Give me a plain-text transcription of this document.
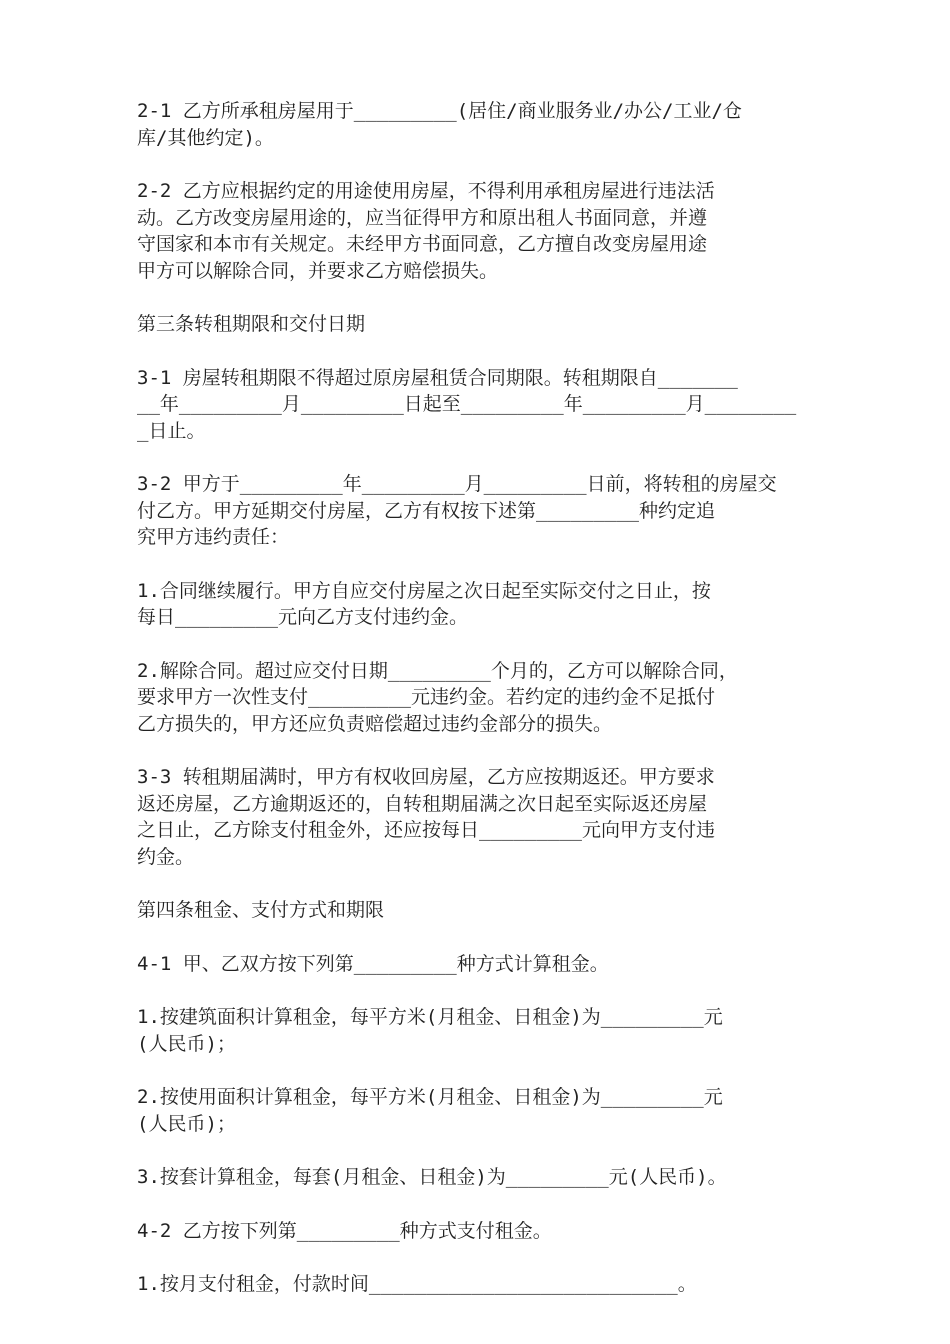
2-1 乙方所承租房屋用于_________(居住/商业服务业/办公/工业/仓
库/其他约定)。

2-2 乙方应根据约定的用途使用房屋，不得利用承租房屋进行违法活
动。乙方改变房屋用途的，应当征得甲方和原出租人书面同意，并遵
守国家和本市有关规定。未经甲方书面同意，乙方擅自改变房屋用途
甲方可以解除合同，并要求乙方赔偿损失。

第三条转租期限和交付日期

3-1 房屋转租期限不得超过原房屋租赁合同期限。转租期限自_______
__年_________月_________日起至_________年_________月________
_日止。

3-2 甲方于_________年_________月_________日前，将转租的房屋交
付乙方。甲方延期交付房屋，乙方有权按下述第_________种约定追
究甲方违约责任：

1.合同继续履行。甲方自应交付房屋之次日起至实际交付之日止，按
每日_________元向乙方支付违约金。

2.解除合同。超过应交付日期_________个月的，乙方可以解除合同，
要求甲方一次性支付_________元违约金。若约定的违约金不足抵付
乙方损失的，甲方还应负责赔偿超过违约金部分的损失。

3-3 转租期届满时，甲方有权收回房屋，乙方应按期返还。甲方要求
返还房屋，乙方逾期返还的，自转租期届满之次日起至实际返还房屋
之日止，乙方除支付租金外，还应按每日_________元向甲方支付违
约金。

第四条租金、支付方式和期限

4-1 甲、乙双方按下列第_________种方式计算租金。

1.按建筑面积计算租金，每平方米(月租金、日租金)为_________元
(人民币)；

2.按使用面积计算租金，每平方米(月租金、日租金)为_________元
(人民币)；

3.按套计算租金，每套(月租金、日租金)为_________元(人民币)。

4-2 乙方按下列第_________种方式支付租金。

1.按月支付租金，付款时间___________________________。
